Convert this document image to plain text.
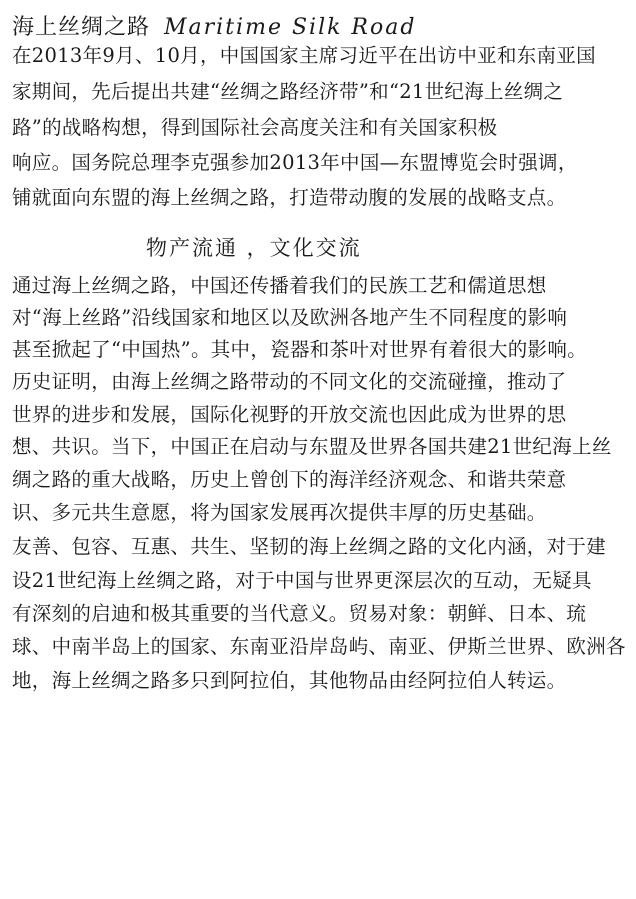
海上丝绸之路 Maritime Silk Road
在2013年9月、10月，中国国家主席习近平在出访中亚和东南亚国
家期间，先后提出共建“丝绸之路经济带”和“21世纪海上丝绸之
路”的战略构想，得到国际社会高度关注和有关国家积极
响应。国务院总理李克强参加2013年中国—东盟博览会时强调，
铺就面向东盟的海上丝绸之路，打造带动腹的发展的战略支点。
物产流通 ，文化交流
通过海上丝绸之路，中国还传播着我们的民族工艺和儒道思想
对“海上丝路”沿线国家和地区以及欧洲各地产生不同程度的影响
甚至掀起了“中国热”。其中，瓷器和茶叶对世界有着很大的影响。
历史证明，由海上丝绸之路带动的不同文化的交流碰撞，推动了
世界的进步和发展，国际化视野的开放交流也因此成为世界的思
想、共识。当下，中国正在启动与东盟及世界各国共建21世纪海上丝
绸之路的重大战略，历史上曾创下的海洋经济观念、和谐共荣意
识、多元共生意愿，将为国家发展再次提供丰厚的历史基础。
友善、包容、互惠、共生、坚韧的海上丝绸之路的文化内涵，对于建
设21世纪海上丝绸之路，对于中国与世界更深层次的互动，无疑具
有深刻的启迪和极其重要的当代意义。贸易对象：朝鲜、日本、琉
球、中南半岛上的国家、东南亚沿岸岛屿、南亚、伊斯兰世界、欧洲各
地，海上丝绸之路多只到阿拉伯，其他物品由经阿拉伯人转运。
